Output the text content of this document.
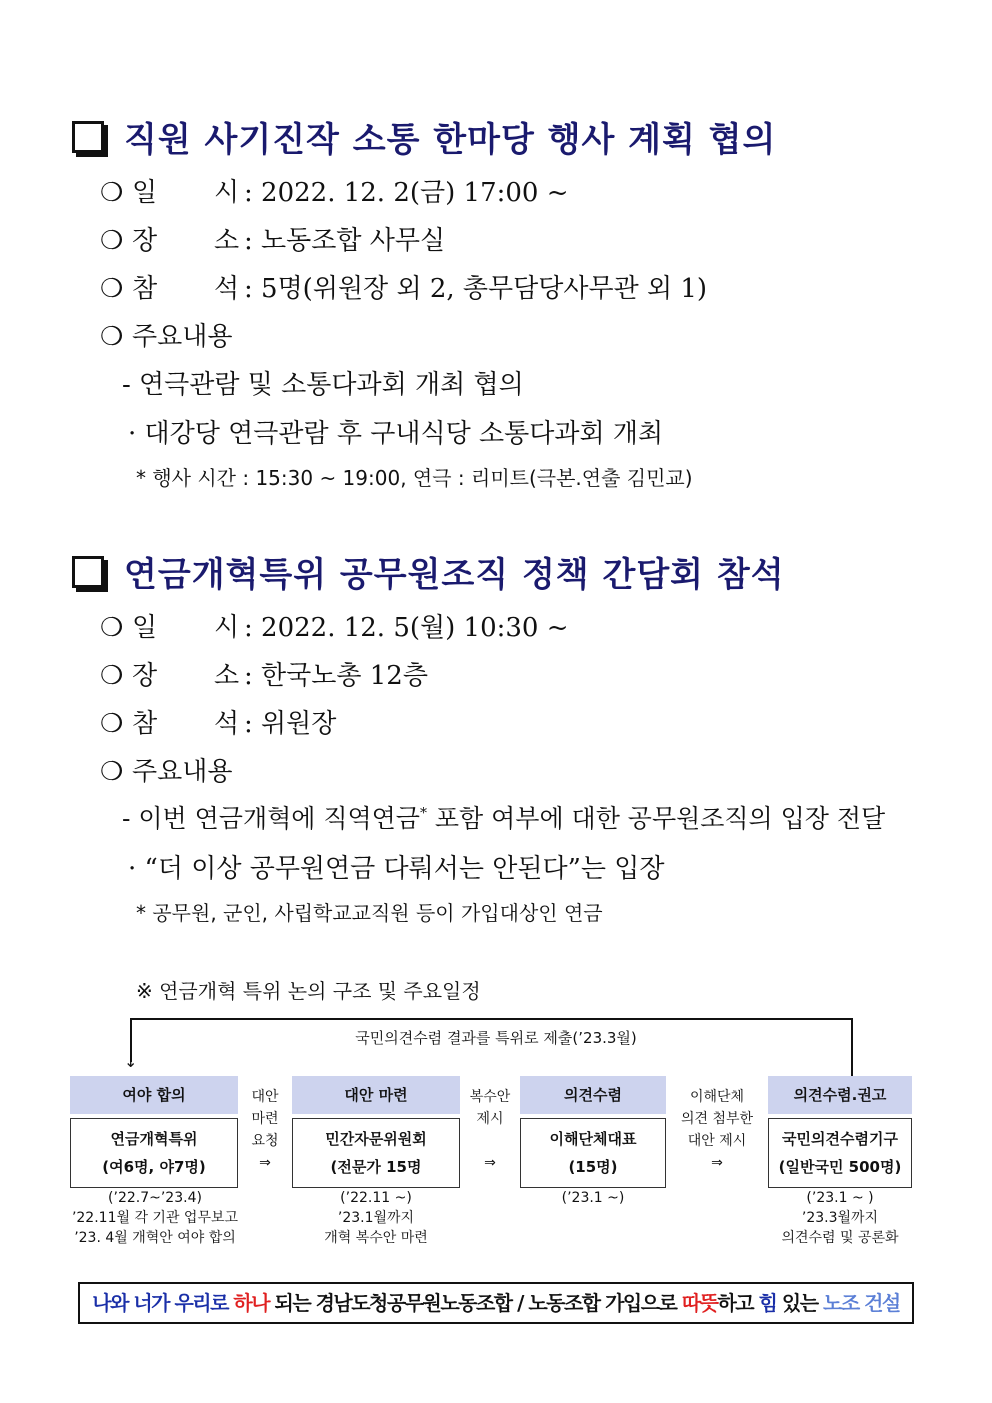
직원 사기진작 소통 한마당 행사 계획 협의
❍ 일 시 : 2022. 12. 2(금) 17:00 ~
❍ 장 소 : 노동조합 사무실
❍ 참 석 : 5명(위원장 외 2, 총무담당사무관 외 1)
❍ 주요내용
- 연극관람 및 소통다과회 개최 협의
· 대강당 연극관람 후 구내식당 소통다과회 개최
* 행사 시간 : 15:30 ~ 19:00, 연극 : 리미트(극본.연출 김민교)
연금개혁특위 공무원조직 정책 간담회 참석
❍ 일 시 : 2022. 12. 5(월) 10:30 ~
❍ 장 소 : 한국노총 12층
❍ 참 석 : 위원장
❍ 주요내용
- 이번 연금개혁에 직역연금* 포함 여부에 대한 공무원조직의 입장 전달
· “더 이상 공무원연금 다뤄서는 안된다”는 입장
* 공무원, 군인, 사립학교교직원 등이 가입대상인 연금
※ 연금개혁 특위 논의 구조 및 주요일정
↓
국민의견수렴 결과를 특위로 제출(’23.3월)
여야 합의
연금개혁특위
(여6명, 야7명)
(’22.7~’23.4)
’22.11월 각 기관 업무보고
’23. 4월 개혁안 여야 합의
대안
마련
요청
⇒
대안 마련
민간자문위원회
(전문가 15명
(’22.11 ~)
’23.1월까지
개혁 복수안 마련
복수안
제시
⇒
의견수렴
이해단체대표
(15명)
(’23.1 ~)
이해단체
의견 첨부한
대안 제시
⇒
의견수렴.권고
국민의견수렴기구
(일반국민 500명)
(’23.1 ~ )
’23.3월까지
의견수렴 및 공론화
나와 너가 우리로 하나 되는 경남도청공무원노동조합 / 노동조합 가입으로 따뜻하고 힘 있는 노조 건설
